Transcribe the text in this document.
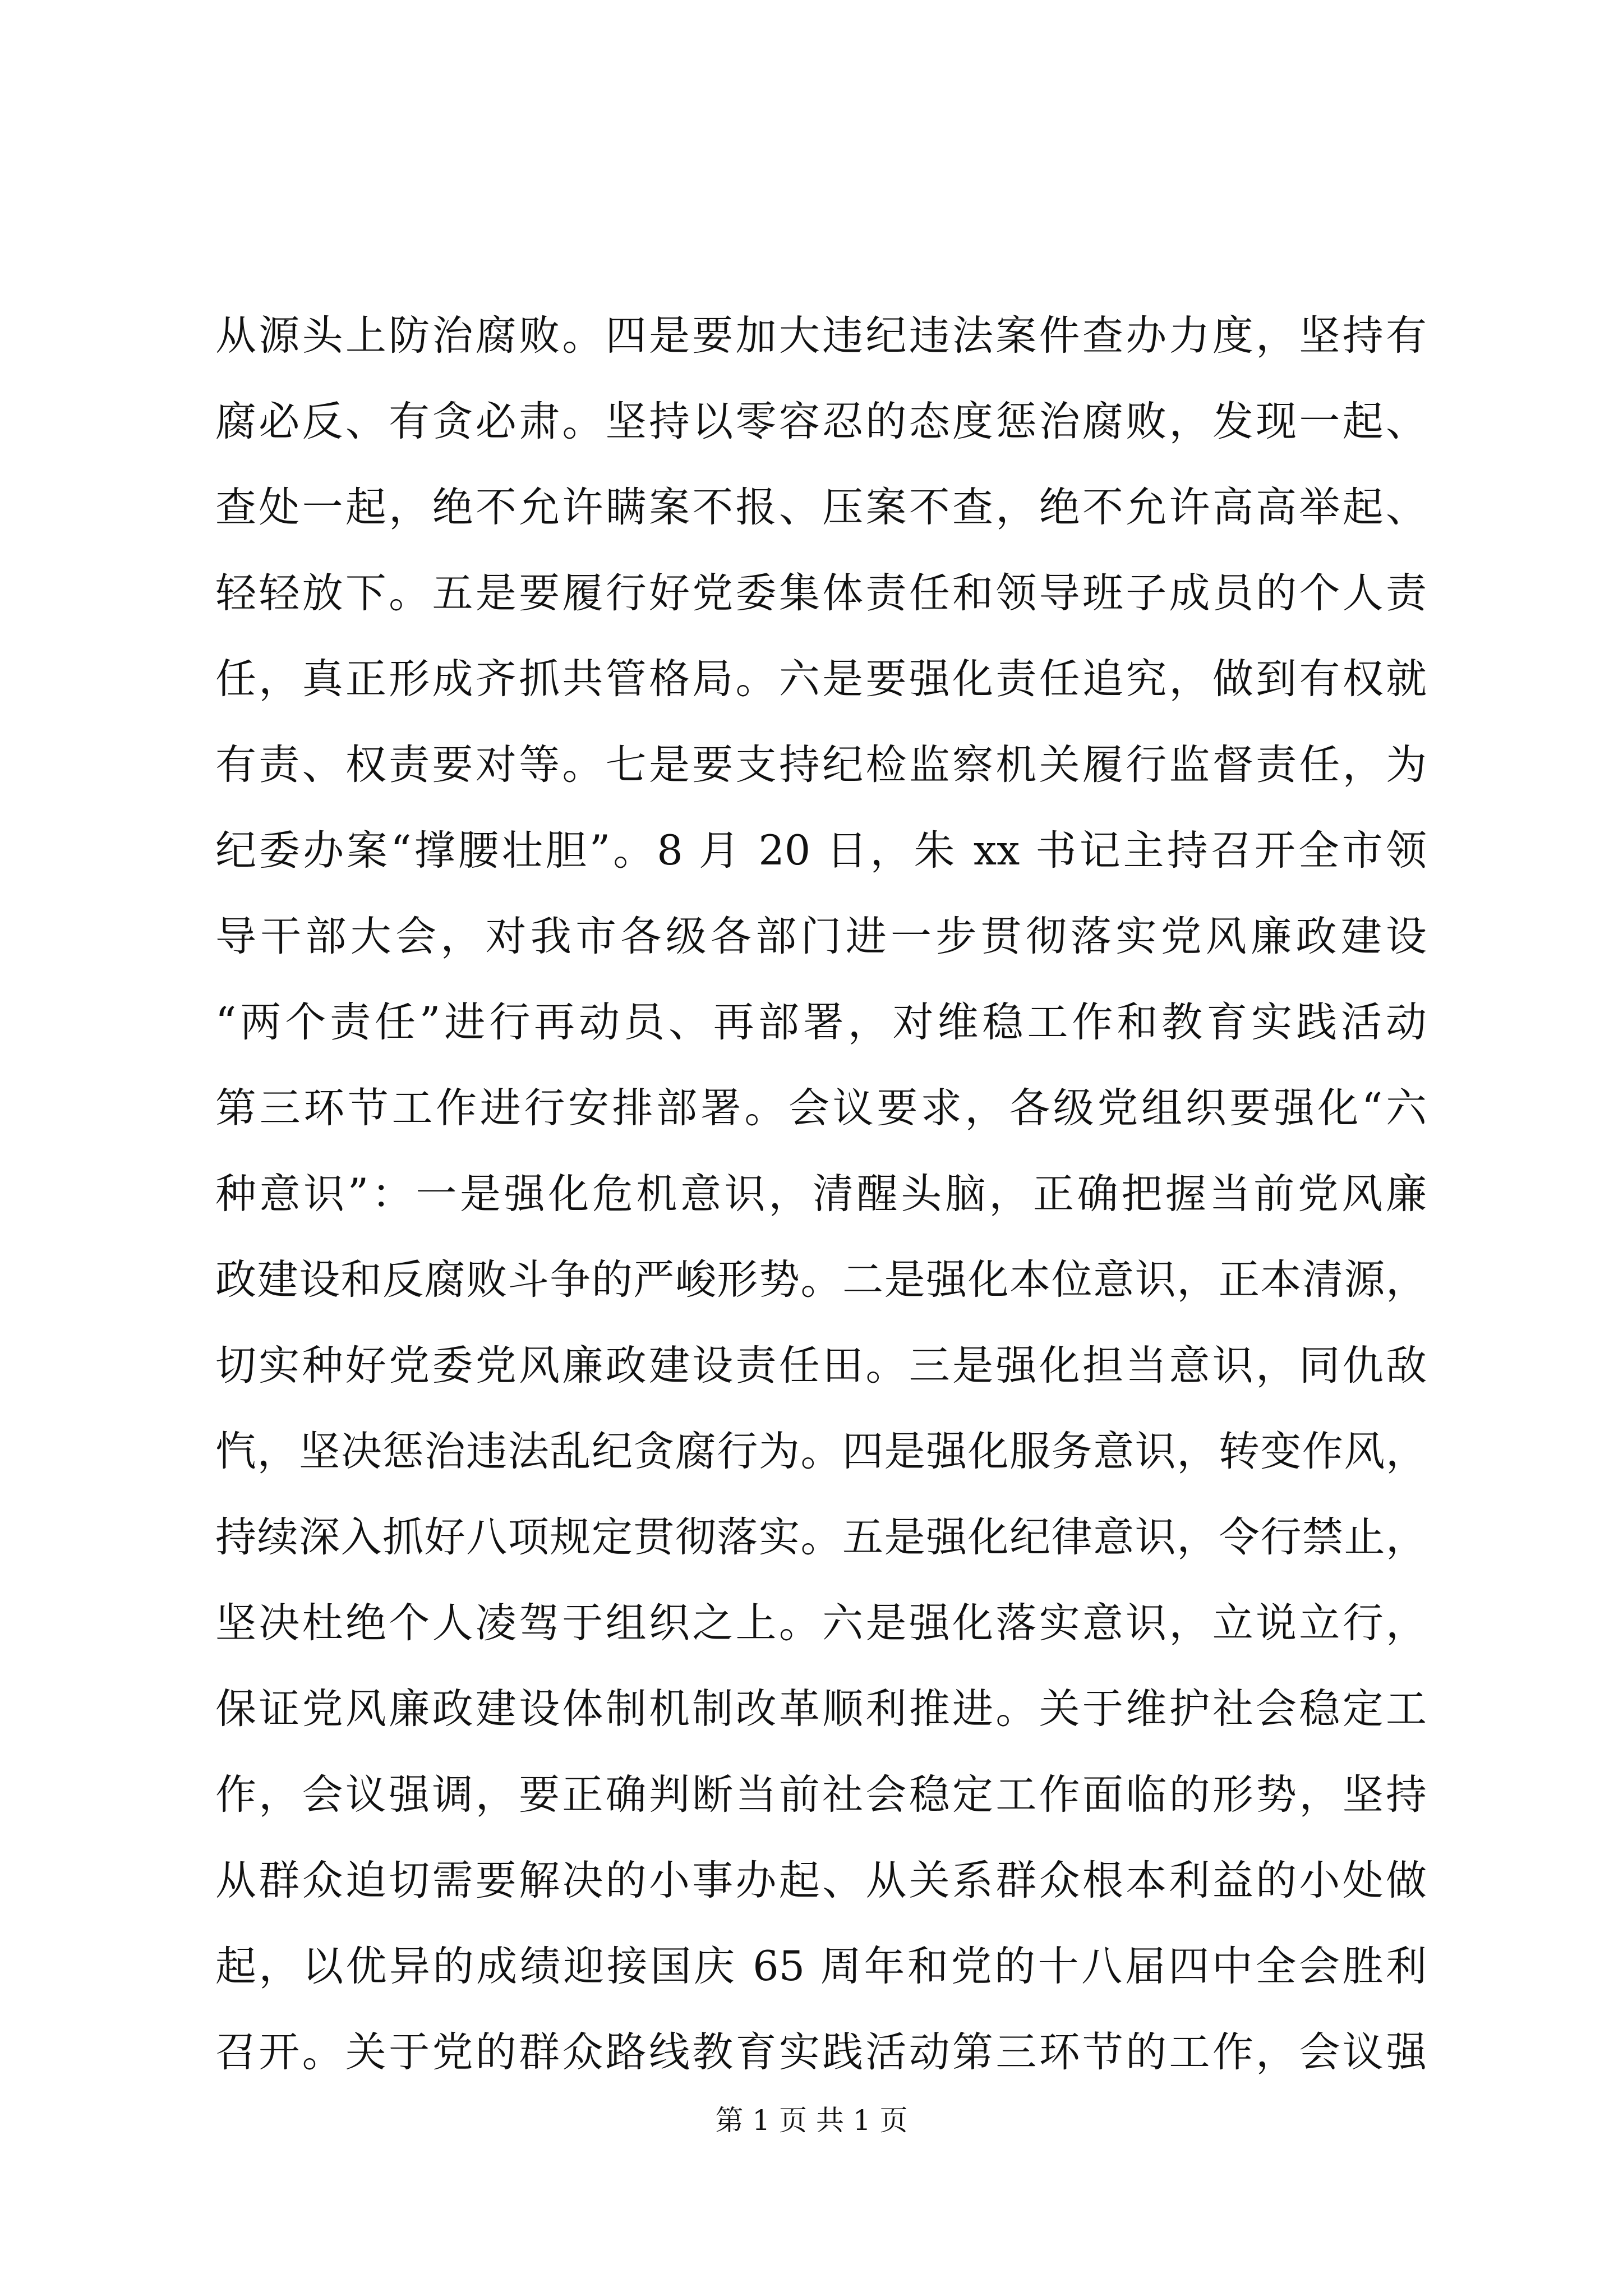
从源头上防治腐败。四是要加大违纪违法案件查办力度，坚持有
腐必反、有贪必肃。坚持以零容忍的态度惩治腐败，发现一起、
查处一起，绝不允许瞒案不报、压案不查，绝不允许高高举起、
轻轻放下。五是要履行好党委集体责任和领导班子成员的个人责
任，真正形成齐抓共管格局。六是要强化责任追究，做到有权就
有责、权责要对等。七是要支持纪检监察机关履行监督责任，为
纪委办案“撑腰壮胆”。8 月 20 日，朱 xx 书记主持召开全市领
导干部大会，对我市各级各部门进一步贯彻落实党风廉政建设
“两个责任”进行再动员、再部署，对维稳工作和教育实践活动
第三环节工作进行安排部署。会议要求，各级党组织要强化“六
种意识”：一是强化危机意识，清醒头脑，正确把握当前党风廉
政建设和反腐败斗争的严峻形势。二是强化本位意识，正本清源，
切实种好党委党风廉政建设责任田。三是强化担当意识，同仇敌
忾，坚决惩治违法乱纪贪腐行为。四是强化服务意识，转变作风，
持续深入抓好八项规定贯彻落实。五是强化纪律意识，令行禁止，
坚决杜绝个人凌驾于组织之上。六是强化落实意识，立说立行，
保证党风廉政建设体制机制改革顺利推进。关于维护社会稳定工
作，会议强调，要正确判断当前社会稳定工作面临的形势，坚持
从群众迫切需要解决的小事办起、从关系群众根本利益的小处做
起，以优异的成绩迎接国庆 65 周年和党的十八届四中全会胜利
召开。关于党的群众路线教育实践活动第三环节的工作，会议强
第 1 页 共 1 页
